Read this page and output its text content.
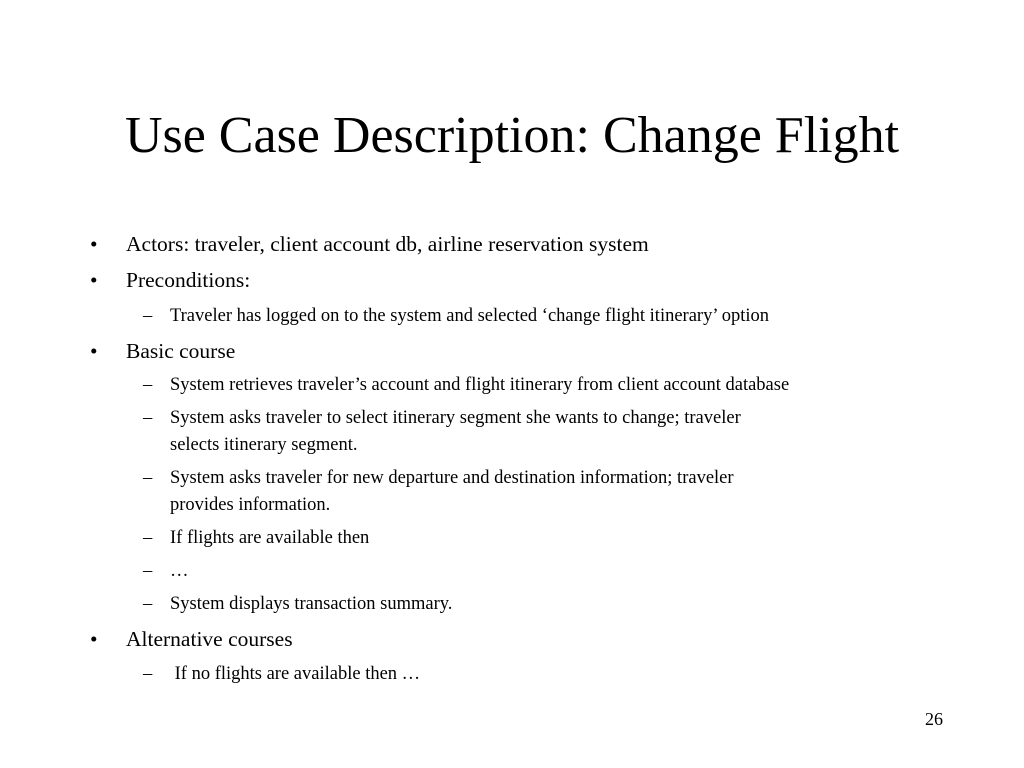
Use Case Description: Change Flight
• Actors: traveler, client account db, airline reservation system
• Preconditions:
– Traveler has logged on to the system and selected ‘change flight itinerary’ option
• Basic course
– System retrieves traveler’s account and flight itinerary from client account database
– System asks traveler to select itinerary segment she wants to change; traveler
selects itinerary segment.
– System asks traveler for new departure and destination information; traveler
provides information.
– If flights are available then
– …
– System displays transaction summary.
• Alternative courses
– If no flights are available then …
26
